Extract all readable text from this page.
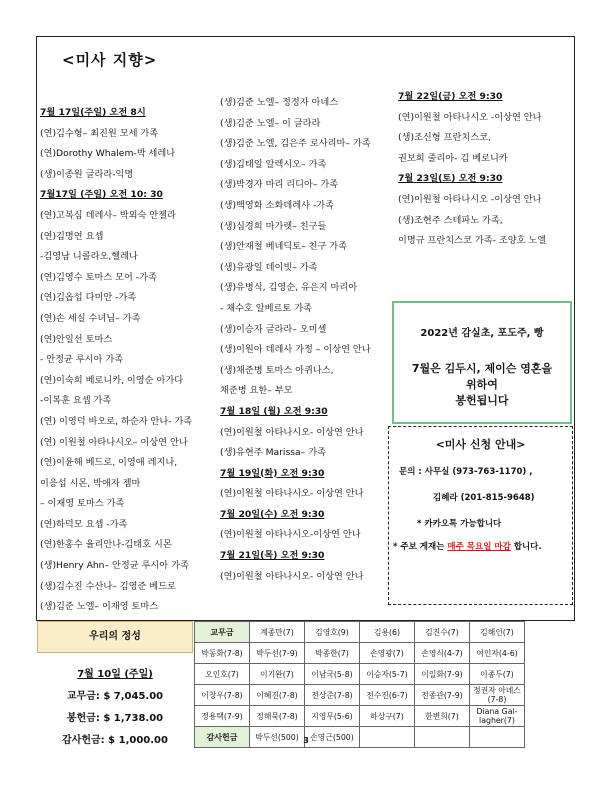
<미사 지향>
7월 17일(주일) 오전 8시
(연)김수형– 최진원 모세 가족
(연)Dorothy Whalem-박 세레나
(생)이종원 글라라-익명
7월17일 (주일) 오전 10: 30
(연)고복심 데레사– 박외숙 안젤라
(연)김명연 요셉
-김영남 니콜라오,헬레나
(연)김영수 토마스 모어 -가족
(연)김옵섭 다미안 -가족
(연)손 세실 수녀님– 가족
(연)안일선 토마스
- 안정균 루시아 가족
(연)이숙희 베로니카, 이영순 아가다
-이복훈 요셉 가족
(연) 이영덕 바오로, 하순자 안나- 가족
(연) 이원철 아타나시오– 이상연 안나
(연)이윤해 베드로, 이영애 레지나,
이응섭 시몬, 박애자 젬마
– 이재영 토마스 가족
(연)하덕모 요셉 -가족
(연)한홍수 율리안나-김태호 시몬
(생)Henry Ahn– 안정균 루시아 가족
(생)김수진 수산나– 김영준 베드로
(생)김준 노엘– 이재영 토마스
(생)김준 노엘– 정정자 아네스
(생)김준 노엘– 이 글라라
(생)김준 노엘, 김은주 로사리마– 가족
(생)김태일 알렉시오– 가족
(생)박경자 마리 리디아– 가족
(생)백영화 소화데레사 -가족
(생)심경희 마가렛– 친구들
(생)안재철 베네딕토– 친구 가족
(생)유광일 데이빗– 가족
(생)유병식, 김영순, 유은지 마리아
- 채수호 알베르토 가족
(생)이승자 글라라– 오미셸
(생)이원아 데레사 가정 – 이상연 안나
(생)채준병 토마스 아퀴나스,
채준병 요한– 부모
7월 18일 (월) 오전 9:30
(연)이원철 아타나시오- 이상연 안나
(생)유현주 Marissa– 가족
7월 19일(화) 오전 9:30
(연)이원철 아타나시오- 이상연 안나
7월 20일(수) 오전 9:30
(연)이원철 아타나시오-이상연 안나
7월 21일(목) 오전 9:30
(연)이원철 아타나시오- 이상연 안나
7월 22일(금) 오전 9:30
(연)이원철 아타나시오 -이상연 안나
(생)조신형 프란치스코,
권보희 줄리아- 김 베로니카
7월 23일(토) 오전 9:30
(연)이원철 아타나시오 -이상연 안나
(생)조현주 스테파노 가족,
이명규 프란치스코 가족- 조양호 노엘
2022년 감실초, 포도주, 빵
7월은 김두시, 제이슨 영혼을
위하여
봉헌됩니다
<미사 신청 안내>
문의 : 사무실 (973-763-1170) ,
김혜라 (201-815-9648)
* 카카오톡 가능합니다
* 주보 게재는 매주 목요일 마감 합니다.
우리의 정성
7월 10일 (주일)
교무금: $ 7,045.00
봉헌금: $ 1,738.00
감사헌금: $ 1,000.00
교무금	계종만(7)	김영호(9)	김용(6)	김진수(7)	김해인(7)
박동화(7-8)	박두선(7-9)	박종한(7)	손영광(7)	손영식(4-7)	여인자(4-6)
오인호(7)	이기완(7)	이남국(5-8)	이승자(5-7)	이일화(7-9)	이종두(7)
이창우(7-8)	이혜진(7-8)	전상준(7-8)	전수진(6-7)	전종관(7-9)	정권자 아녜스(7-8)
정용택(7-9)	정해묵(7-8)	지영무(5-6)	하상구(7)	한변희(7)	Diana Gal-lagher(7)
감사헌금	박두선(500)	손영근(500)			
3
